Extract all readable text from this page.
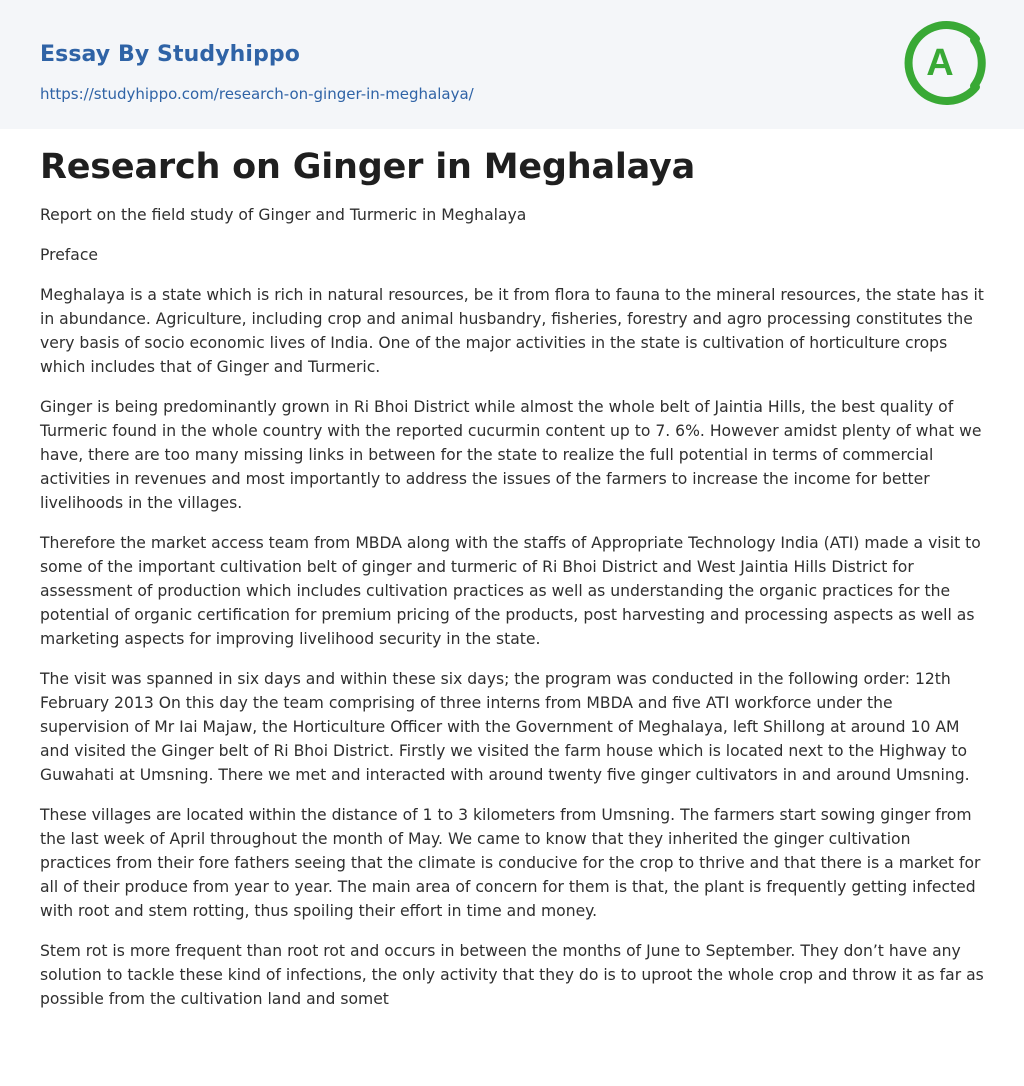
Essay By Studyhippo
https://studyhippo.com/research-on-ginger-in-meghalaya/
A
Research on Ginger in Meghalaya

Report on the field study of Ginger and Turmeric in Meghalaya

Preface

Meghalaya is a state which is rich in natural resources, be it from flora to fauna to the mineral resources, the state has it in abundance. Agriculture, including crop and animal husbandry, fisheries, forestry and agro processing constitutes the very basis of socio economic lives of India. One of the major activities in the state is cultivation of horticulture crops which includes that of Ginger and Turmeric.

Ginger is being predominantly grown in Ri Bhoi District while almost the whole belt of Jaintia Hills, the best quality of Turmeric found in the whole country with the reported cucurmin content up to 7. 6%. However amidst plenty of what we have, there are too many missing links in between for the state to realize the full potential in terms of commercial activities in revenues and most importantly to address the issues of the farmers to increase the income for better livelihoods in the villages.

Therefore the market access team from MBDA along with the staffs of Appropriate Technology India (ATI) made a visit to some of the important cultivation belt of ginger and turmeric of Ri Bhoi District and West Jaintia Hills District for assessment of production which includes cultivation practices as well as understanding the organic practices for the potential of organic certification for premium pricing of the products, post harvesting and processing aspects as well as marketing aspects for improving livelihood security in the state.

The visit was spanned in six days and within these six days; the program was conducted in the following order: 12th February 2013 On this day the team comprising of three interns from MBDA and five ATI workforce under the supervision of Mr Iai Majaw, the Horticulture Officer with the Government of Meghalaya, left Shillong at around 10 AM and visited the Ginger belt of Ri Bhoi District. Firstly we visited the farm house which is located next to the Highway to Guwahati at Umsning. There we met and interacted with around twenty five ginger cultivators in and around Umsning.

These villages are located within the distance of 1 to 3 kilometers from Umsning. The farmers start sowing ginger from the last week of April throughout the month of May. We came to know that they inherited the ginger cultivation practices from their fore fathers seeing that the climate is conducive for the crop to thrive and that there is a market for all of their produce from year to year. The main area of concern for them is that, the plant is frequently getting infected with root and stem rotting, thus spoiling their effort in time and money.

Stem rot is more frequent than root rot and occurs in between the months of June to September. They don’t have any solution to tackle these kind of infections, the only activity that they do is to uproot the whole crop and throw it as far as possible from the cultivation land and somet
